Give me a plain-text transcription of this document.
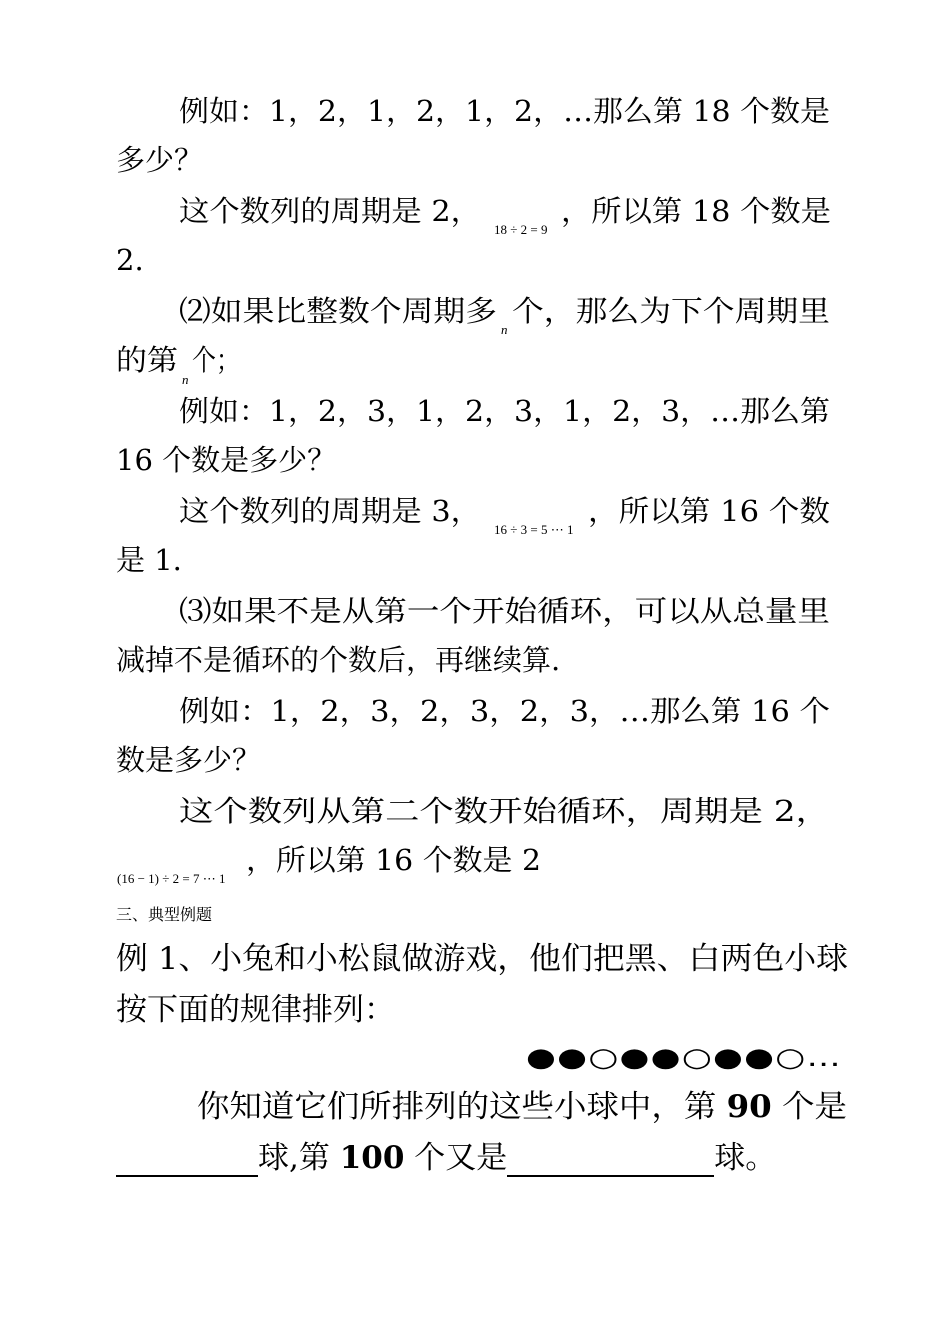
例如：1，2，1，2，1，2，…那么第 18 个数是
多少？
这个数列的周期是 2，
18 ÷ 2 = 9
，所以第 18 个数是
2.
⑵如果比整数个周期多
n
个，那么为下个周期里
的第
n
个；
例如：1，2，3，1，2，3，1，2，3，…那么第
16 个数是多少？
这个数列的周期是 3，
16 ÷ 3 = 5 ⋯ 1
，所以第 16 个数
是 1.
⑶如果不是从第一个开始循环，可以从总量里
减掉不是循环的个数后，再继续算.
例如：1，2，3，2，3，2，3，…那么第 16 个
数是多少？
这个数列从第二个数开始循环，周期是 2，
(16 − 1) ÷ 2 = 7 ⋯ 1
，所以第 16 个数是 2
三、典型例题
例 1、小兔和小松鼠做游戏，他们把黑、白两色小球
按下面的规律排列：
●●○●●○●●○…
你知道它们所排列的这些小球中，第 90 个是
球,第 100 个又是	球。
